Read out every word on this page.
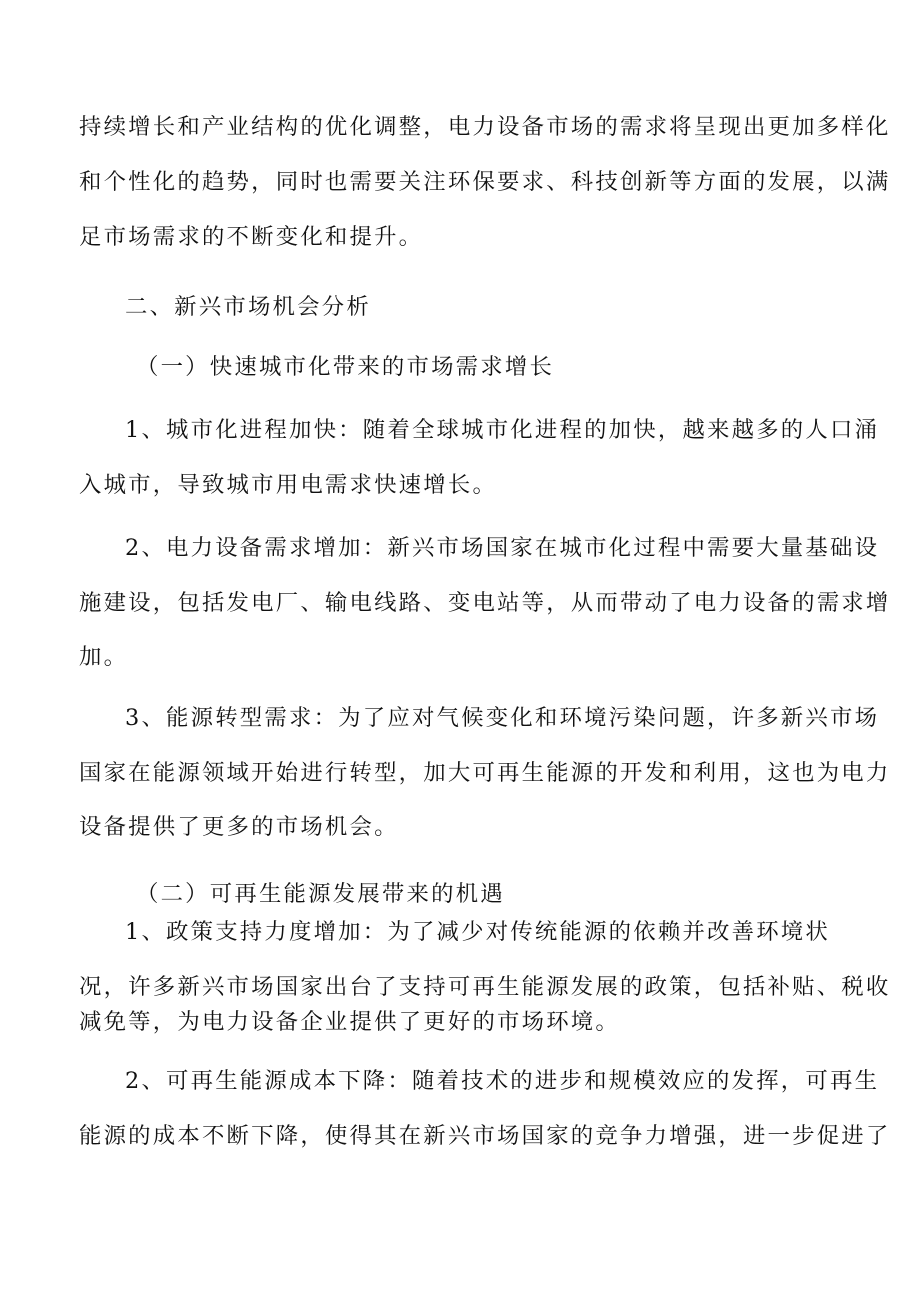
持续增长和产业结构的优化调整，电力设备市场的需求将呈现出更加多样化

和个性化的趋势，同时也需要关注环保要求、科技创新等方面的发展，以满

足市场需求的不断变化和提升。

二、新兴市场机会分析

（一）快速城市化带来的市场需求增长

1、城市化进程加快：随着全球城市化进程的加快，越来越多的人口涌

入城市，导致城市用电需求快速增长。

2、电力设备需求增加：新兴市场国家在城市化过程中需要大量基础设

施建设，包括发电厂、输电线路、变电站等，从而带动了电力设备的需求增

加。

3、能源转型需求：为了应对气候变化和环境污染问题，许多新兴市场

国家在能源领域开始进行转型，加大可再生能源的开发和利用，这也为电力

设备提供了更多的市场机会。

（二）可再生能源发展带来的机遇

1、政策支持力度增加：为了减少对传统能源的依赖并改善环境状

况，许多新兴市场国家出台了支持可再生能源发展的政策，包括补贴、税收

减免等，为电力设备企业提供了更好的市场环境。

2、可再生能源成本下降：随着技术的进步和规模效应的发挥，可再生

能源的成本不断下降，使得其在新兴市场国家的竞争力增强，进一步促进了
